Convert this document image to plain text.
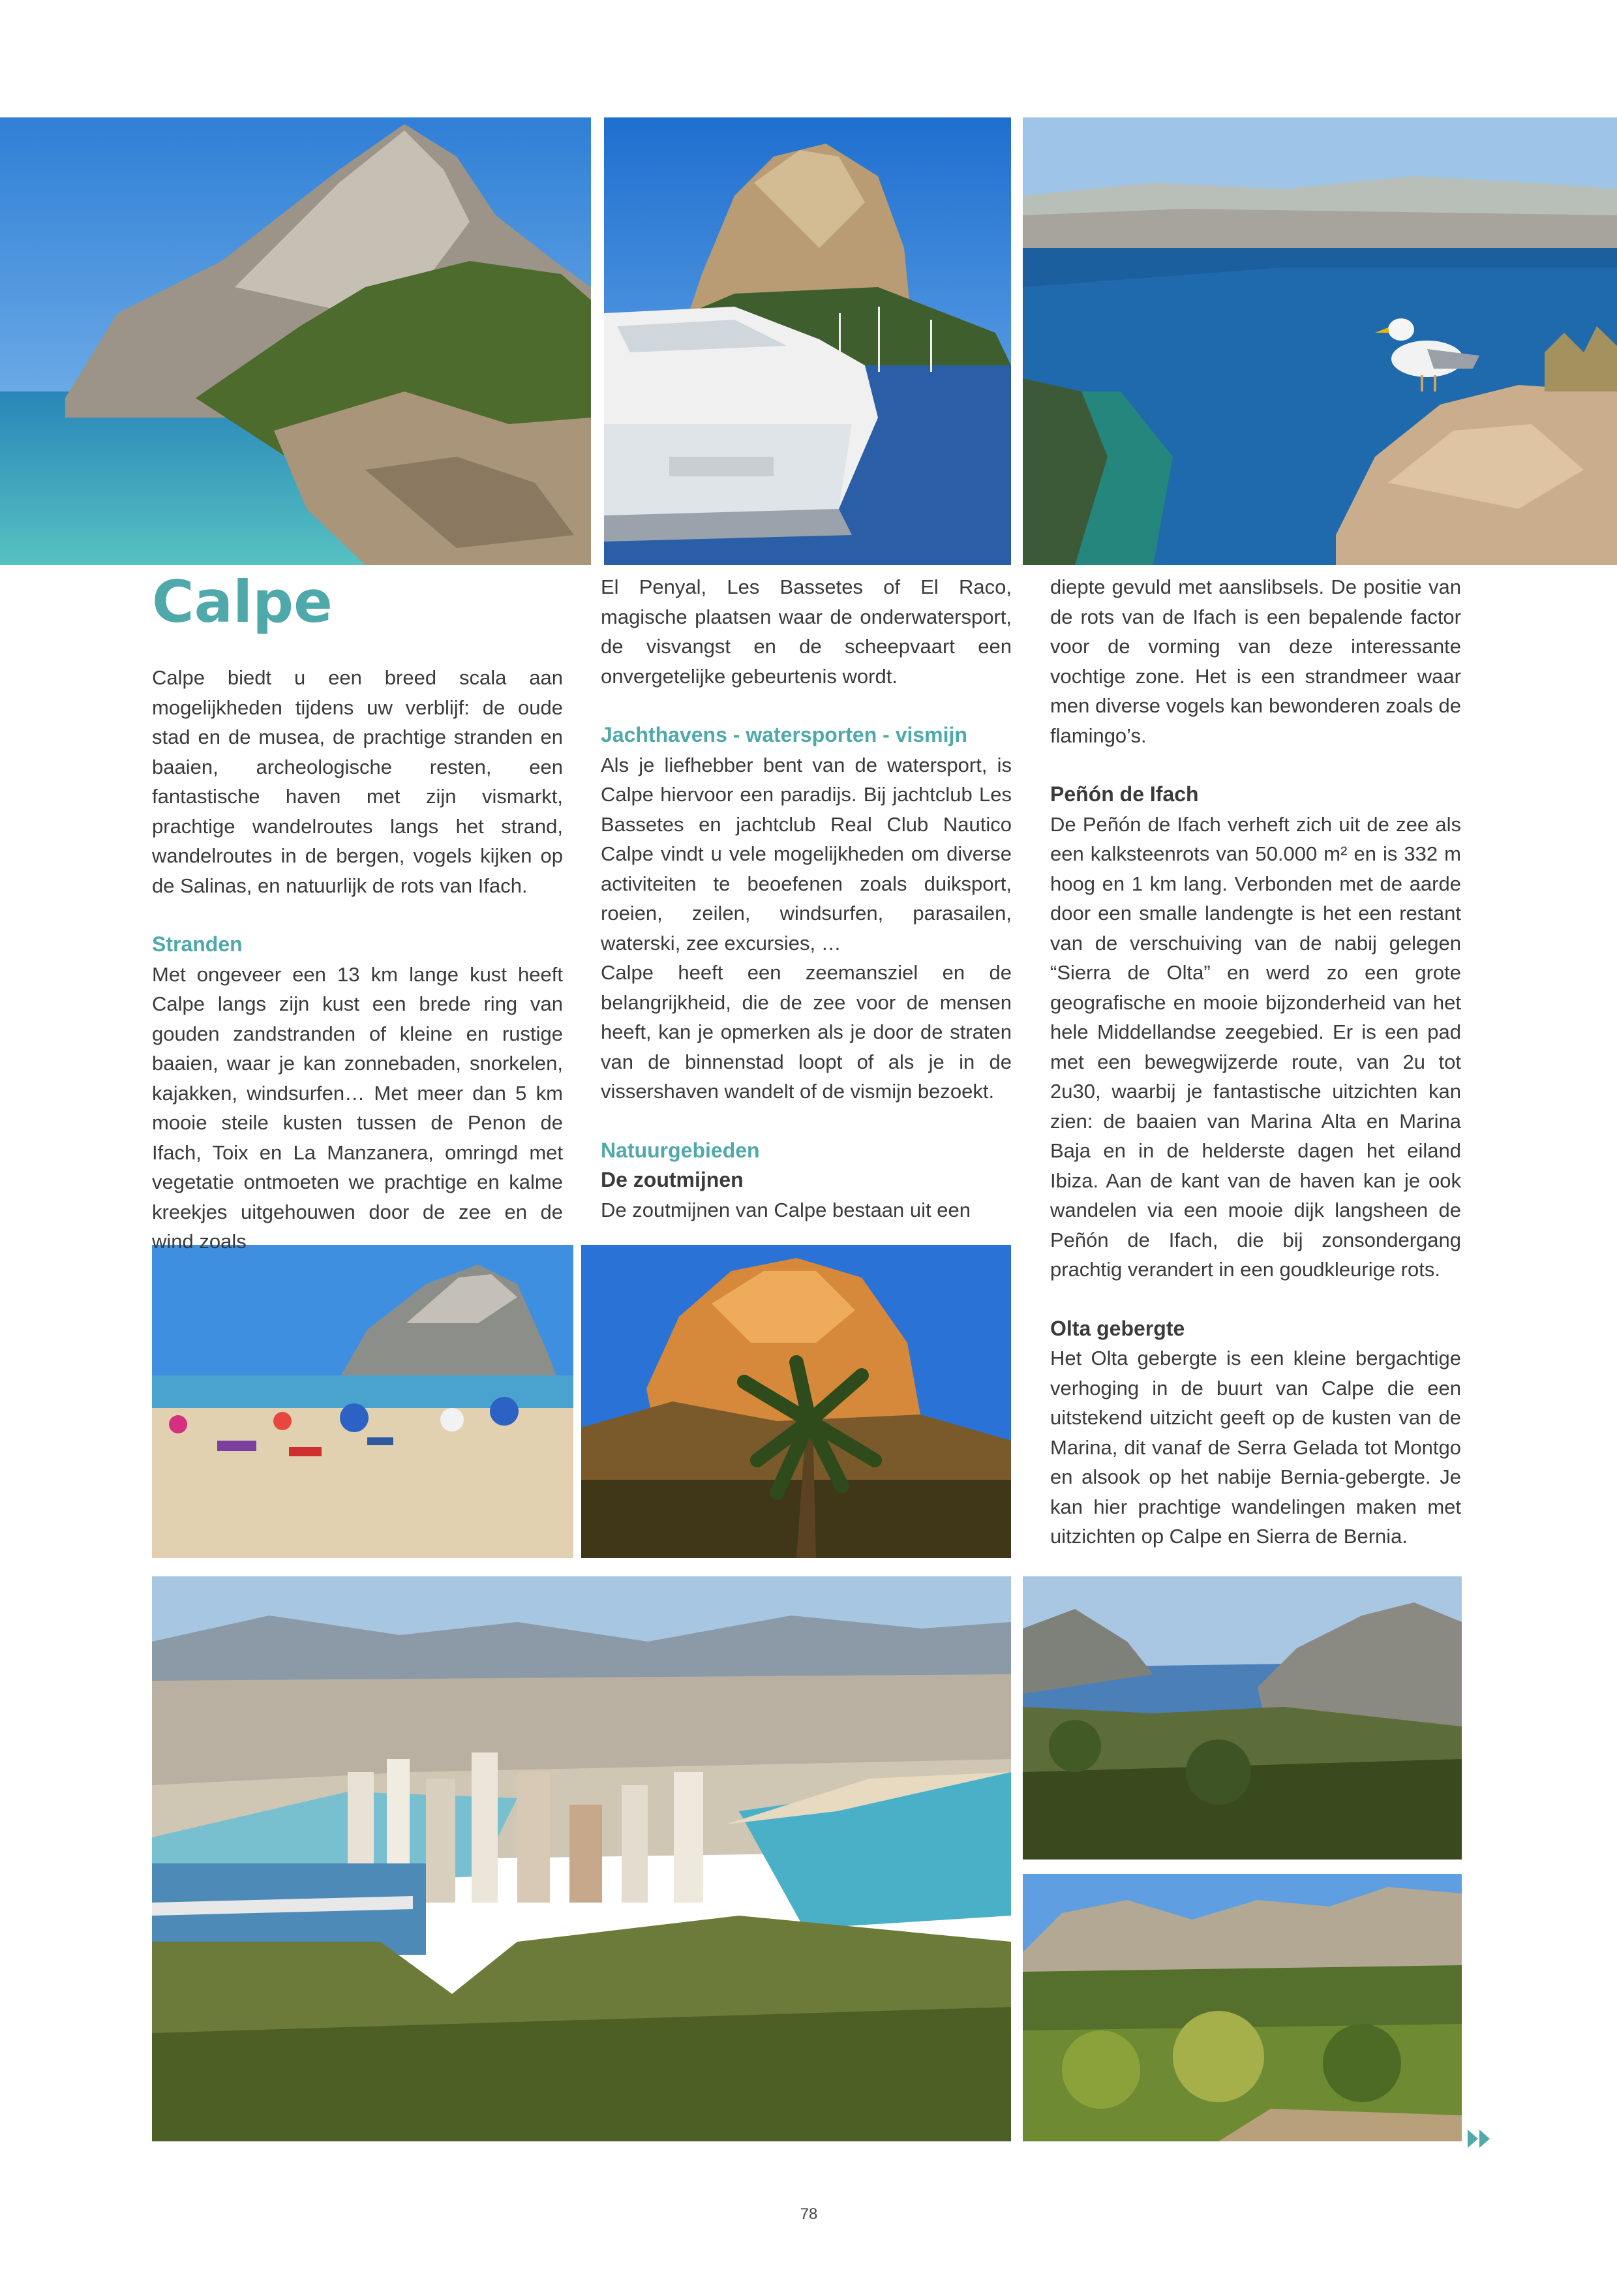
Calpe

Calpe biedt u een breed scala aan mogelijkheden tijdens uw verblijf: de oude stad en de musea, de prachtige stranden en baaien, archeologische resten, een fantastische haven met zijn vismarkt, prachtige wandelroutes langs het strand, wandelroutes in de bergen, vogels kijken op de Salinas, en natuurlijk de rots van Ifach.

Stranden

Met ongeveer een 13 km lange kust heeft Calpe langs zijn kust een brede ring van gouden zandstranden of kleine en rustige baaien, waar je kan zonnebaden, snorkelen, kajakken, windsurfen… Met meer dan 5 km mooie steile kusten tussen de Penon de Ifach, Toix en La Manzanera, omringd met vegetatie ontmoeten we prachtige en kalme kreekjes uitgehouwen door de zee en de wind zoals

El Penyal, Les Bassetes of El Raco, magische plaatsen waar de onderwatersport, de visvangst en de scheepvaart een onvergetelijke gebeurtenis wordt.

Jachthavens - watersporten - vismijn

Als je liefhebber bent van de watersport, is Calpe hiervoor een paradijs. Bij jachtclub Les Bassetes en jachtclub Real Club Nautico Calpe vindt u vele mogelijkheden om diverse activiteiten te beoefenen zoals duiksport, roeien, zeilen, windsurfen, parasailen, waterski, zee excursies, …

Calpe heeft een zeemansziel en de belangrijkheid, die de zee voor de mensen heeft, kan je opmerken als je door de straten van de binnenstad loopt of als je in de vissershaven wandelt of de vismijn bezoekt.

Natuurgebieden

De zoutmijnen

De zoutmijnen van Calpe bestaan uit een

diepte gevuld met aanslibsels. De positie van de rots van de Ifach is een bepalende factor voor de vorming van deze interessante vochtige zone. Het is een strandmeer waar men diverse vogels kan bewonderen zoals de flamingo’s.

Peñón de Ifach

De Peñón de Ifach verheft zich uit de zee als een kalksteenrots van 50.000 m² en is 332 m hoog en 1 km lang. Verbonden met de aarde door een smalle landengte is het een restant van de verschuiving van de nabij gelegen “Sierra de Olta” en werd zo een grote geografische en mooie bijzonderheid van het hele Middellandse zeegebied. Er is een pad met een bewegwijzerde route, van 2u tot 2u30, waarbij je fantastische uitzichten kan zien: de baaien van Marina Alta en Marina Baja en in de helderste dagen het eiland Ibiza. Aan de kant van de haven kan je ook wandelen via een mooie dijk langsheen de Peñón de Ifach, die bij zonsondergang prachtig verandert in een goudkleurige rots.

Olta gebergte

Het Olta gebergte is een kleine bergachtige verhoging in de buurt van Calpe die een uitstekend uitzicht geeft op de kusten van de Marina, dit vanaf de Serra Gelada tot Montgo en alsook op het nabije Bernia-gebergte. Je kan hier prachtige wandelingen maken met uitzichten op Calpe en Sierra de Bernia.

78
